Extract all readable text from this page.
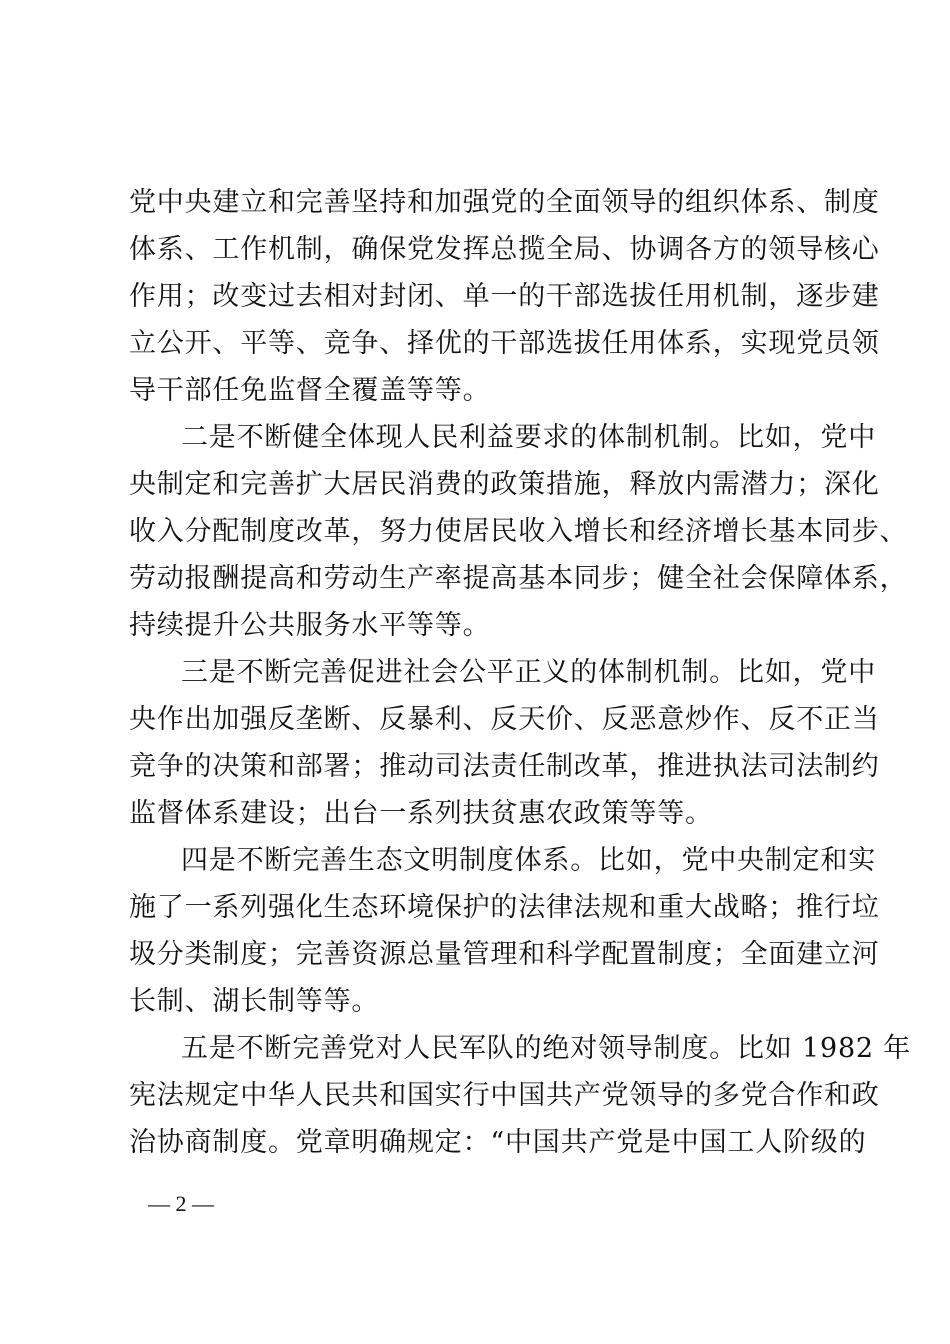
党中央建立和完善坚持和加强党的全面领导的组织体系、制度
体系、工作机制，确保党发挥总揽全局、协调各方的领导核心
作用；改变过去相对封闭、单一的干部选拔任用机制，逐步建
立公开、平等、竞争、择优的干部选拔任用体系，实现党员领
导干部任免监督全覆盖等等。
二是不断健全体现人民利益要求的体制机制。比如，党中
央制定和完善扩大居民消费的政策措施，释放内需潜力；深化
收入分配制度改革，努力使居民收入增长和经济增长基本同步、
劳动报酬提高和劳动生产率提高基本同步；健全社会保障体系，
持续提升公共服务水平等等。
三是不断完善促进社会公平正义的体制机制。比如，党中
央作出加强反垄断、反暴利、反天价、反恶意炒作、反不正当
竞争的决策和部署；推动司法责任制改革，推进执法司法制约
监督体系建设；出台一系列扶贫惠农政策等等。
四是不断完善生态文明制度体系。比如，党中央制定和实
施了一系列强化生态环境保护的法律法规和重大战略；推行垃
圾分类制度；完善资源总量管理和科学配置制度；全面建立河
长制、湖长制等等。
五是不断完善党对人民军队的绝对领导制度。比如 1982 年
宪法规定中华人民共和国实行中国共产党领导的多党合作和政
治协商制度。党章明确规定：“中国共产党是中国工人阶级的
— 2 —
